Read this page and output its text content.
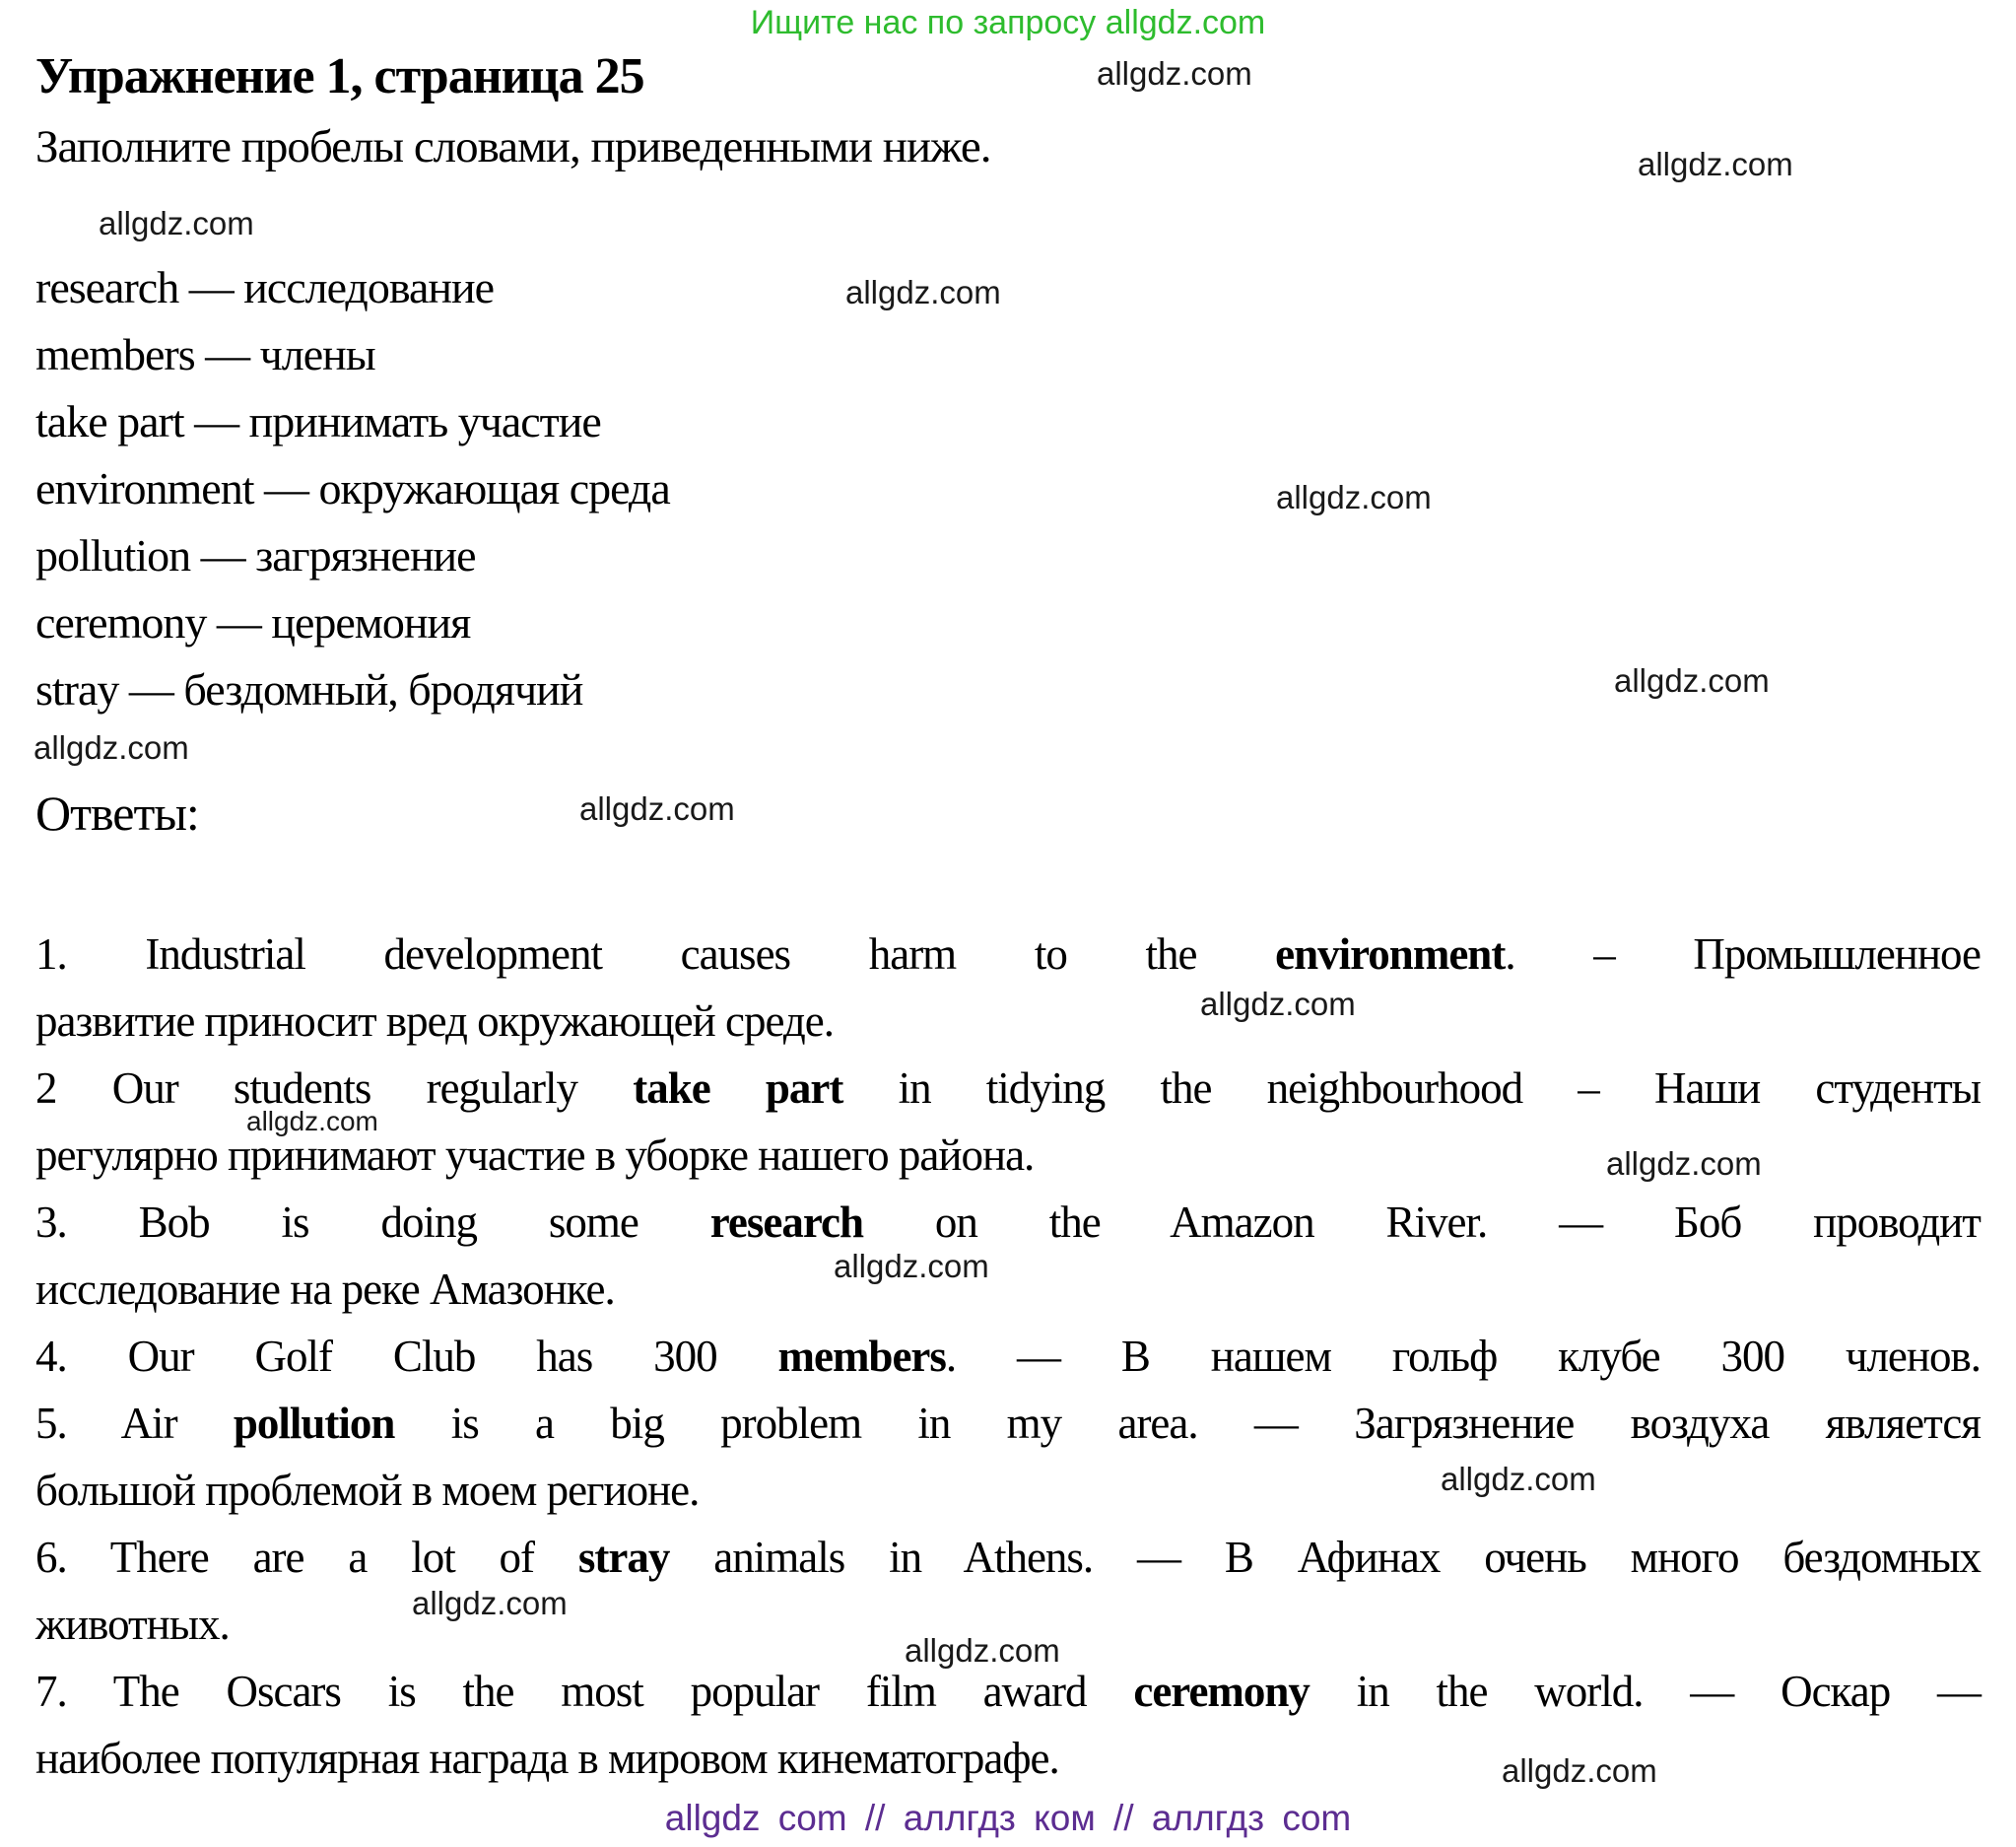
Ищите нас по запросу allgdz.com
Упражнение 1, страница 25
Заполните пробелы словами, приведенными ниже.
allgdz.com
allgdz.com
allgdz.com
allgdz.com
allgdz.com
allgdz.com
allgdz.com
allgdz.com
allgdz.com
allgdz.com
allgdz.com
allgdz.com
allgdz.com
allgdz.com
allgdz.com
allgdz.com
research — исследование
members — члены
take part — принимать участие
environment — окружающая среда
pollution — загрязнение
ceremony — церемония
stray — бездомный, бродячий
Ответы:
1. Industrial development causes harm to the environment. – Промышленное
развитие приносит вред окружающей среде.
2 Our students regularly take part in tidying the neighbourhood – Наши студенты
регулярно принимают участие в уборке нашего района.
3. Bob is doing some research on the Amazon River. — Боб проводит
исследование на реке Амазонке.
4. Our Golf Club has 300 members. — В нашем гольф клубе 300 членов.
5. Air pollution is a big problem in my area. — Загрязнение воздуха является
большой проблемой в моем регионе.
6. There are a lot of stray animals in Athens. — В Афинах очень много бездомных
животных.
7. The Oscars is the most popular film award ceremony in the world. — Оскар —
наиболее популярная награда в мировом кинематографе.
allgdz com // аллгдз ком // аллгдз com
